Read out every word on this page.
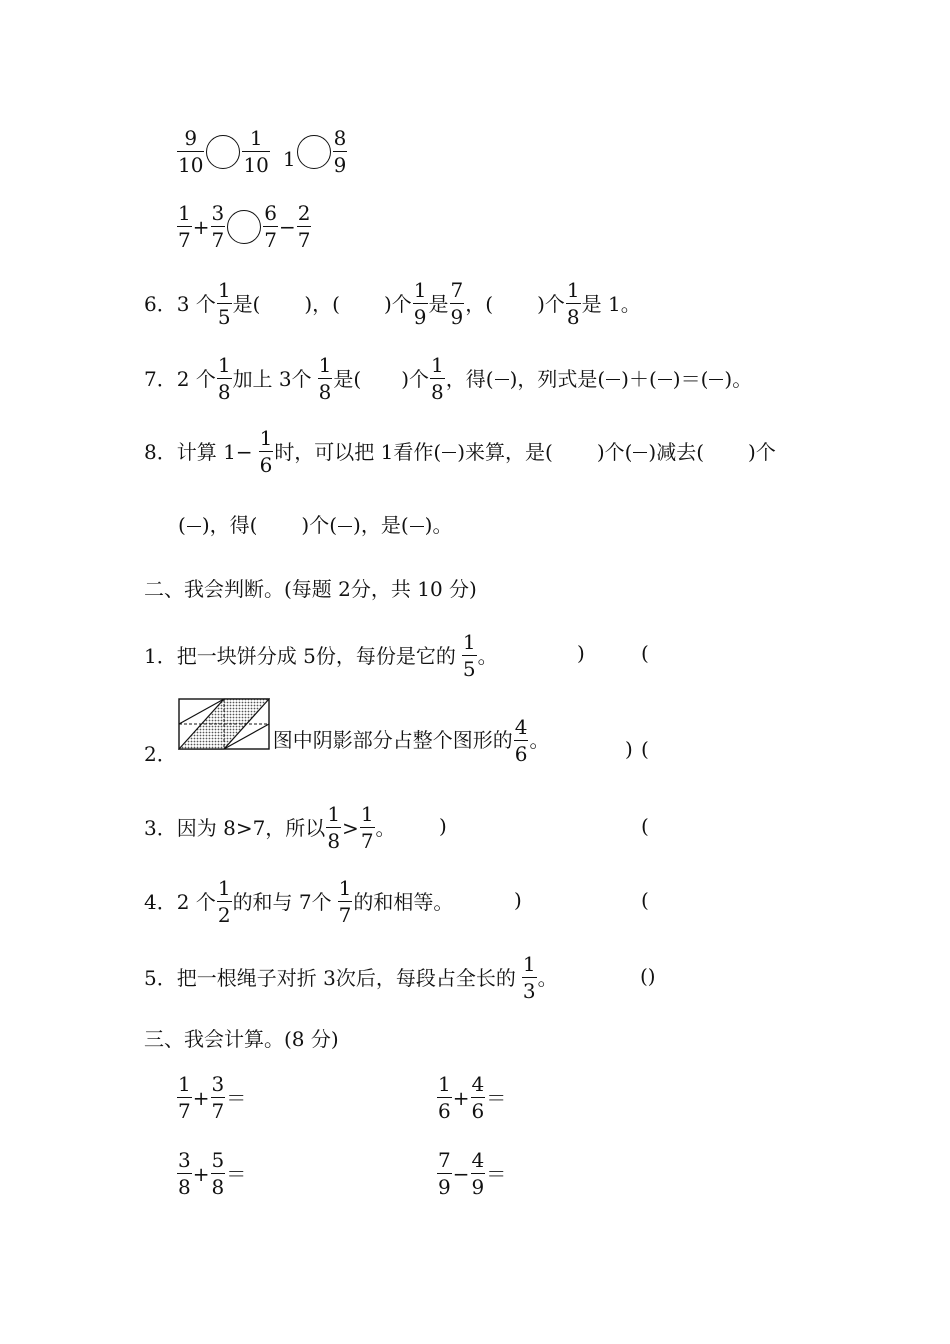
$\frac{9}{10} \frac{1}{10} 1 \frac{8}{9}$
$\frac{1}{7} + \frac{3}{7} \frac{6}{7} - \frac{2}{7}$
6． 3 个 $\frac{1}{5}$ 是( )，( )个 $\frac{1}{9}$ 是 $\frac{7}{9}$ ，( )个 $\frac{1}{8}$ 是 1。
7． 2 个 $\frac{1}{8}$ 加上 3个 $\frac{1}{8}$ 是( )个 $\frac{1}{8}$ ，得( )，列式是( )＋( )＝( )。
8． 计算 $1- \frac{1}{6}$ 时，可以把 1看作( )来算，是( )个( )减去( )个
( )，得( )个( )，是( )。
二、我会判断。(每题 2分，共 10 分)
1． 把一块饼分成 5份，每份是它的 $\frac{1}{5}$ 。	)	(
2．
图中阴影部分占整个图形的 $\frac{4}{6}$ 。	) (
3． 因为 8>7，所以 $\frac{1}{8} > \frac{1}{7}$ 。 )	(
4． 2 个 $\frac{1}{2}$ 的和与 7个 $\frac{1}{7}$ 的和相等。	)	(
5． 把一根绳子对折 3次后，每段占全长的 $\frac{1}{3}$ 。	()
三、我会计算。(8 分)
$\frac{1}{7} + \frac{3}{7}$ ＝	$\frac{1}{6} + \frac{4}{6}$ ＝
$\frac{3}{8} + \frac{5}{8}$ ＝	$\frac{7}{9} - \frac{4}{9}$ ＝
